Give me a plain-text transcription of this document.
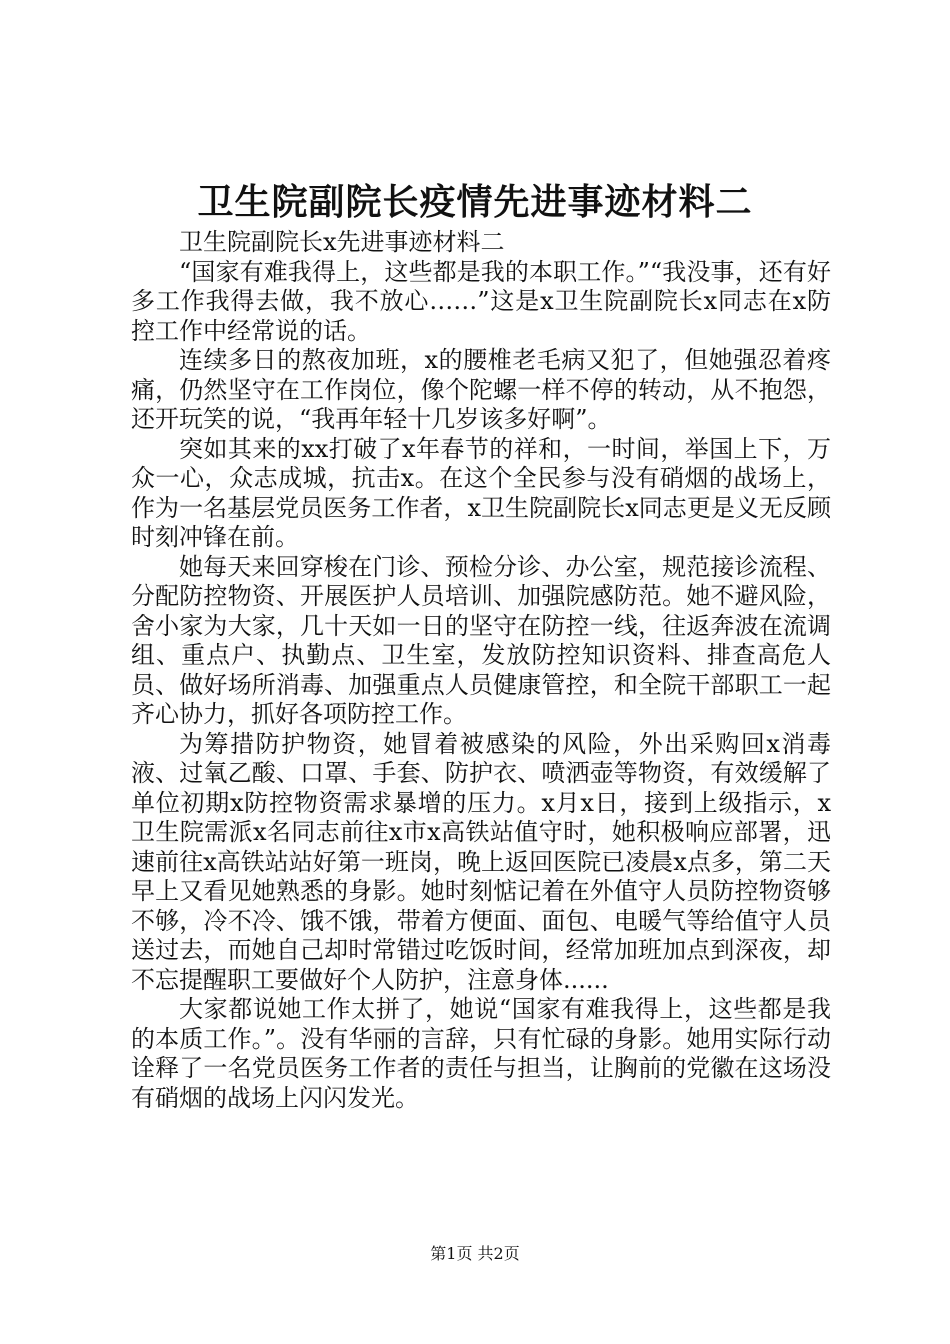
卫生院副院长疫情先进事迹材料二

卫生院副院长x先进事迹材料二

“国家有难我得上，这些都是我的本职工作。”“我没事，还有好多工作我得去做，我不放心……”这是x卫生院副院长x同志在x防控工作中经常说的话。

连续多日的熬夜加班，x的腰椎老毛病又犯了，但她强忍着疼痛，仍然坚守在工作岗位，像个陀螺一样不停的转动，从不抱怨，还开玩笑的说，“我再年轻十几岁该多好啊”。

突如其来的xx打破了x年春节的祥和，一时间，举国上下，万众一心，众志成城，抗击x。在这个全民参与没有硝烟的战场上，作为一名基层党员医务工作者，x卫生院副院长x同志更是义无反顾时刻冲锋在前。

她每天来回穿梭在门诊、预检分诊、办公室，规范接诊流程、分配防控物资、开展医护人员培训、加强院感防范。她不避风险，舍小家为大家，几十天如一日的坚守在防控一线，往返奔波在流调组、重点户、执勤点、卫生室，发放防控知识资料、排查高危人员、做好场所消毒、加强重点人员健康管控，和全院干部职工一起齐心协力，抓好各项防控工作。

为筹措防护物资，她冒着被感染的风险，外出采购回x消毒液、过氧乙酸、口罩、手套、防护衣、喷洒壶等物资，有效缓解了单位初期x防控物资需求暴增的压力。x月x日，接到上级指示，x卫生院需派x名同志前往x市x高铁站值守时，她积极响应部署，迅速前往x高铁站站好第一班岗，晚上返回医院已凌晨x点多，第二天早上又看见她熟悉的身影。她时刻惦记着在外值守人员防控物资够不够，冷不冷、饿不饿，带着方便面、面包、电暖气等给值守人员送过去，而她自己却时常错过吃饭时间，经常加班加点到深夜，却不忘提醒职工要做好个人防护，注意身体......

大家都说她工作太拼了，她说“国家有难我得上，这些都是我的本质工作。”。没有华丽的言辞，只有忙碌的身影。她用实际行动诠释了一名党员医务工作者的责任与担当，让胸前的党徽在这场没有硝烟的战场上闪闪发光。

第1页 共2页
